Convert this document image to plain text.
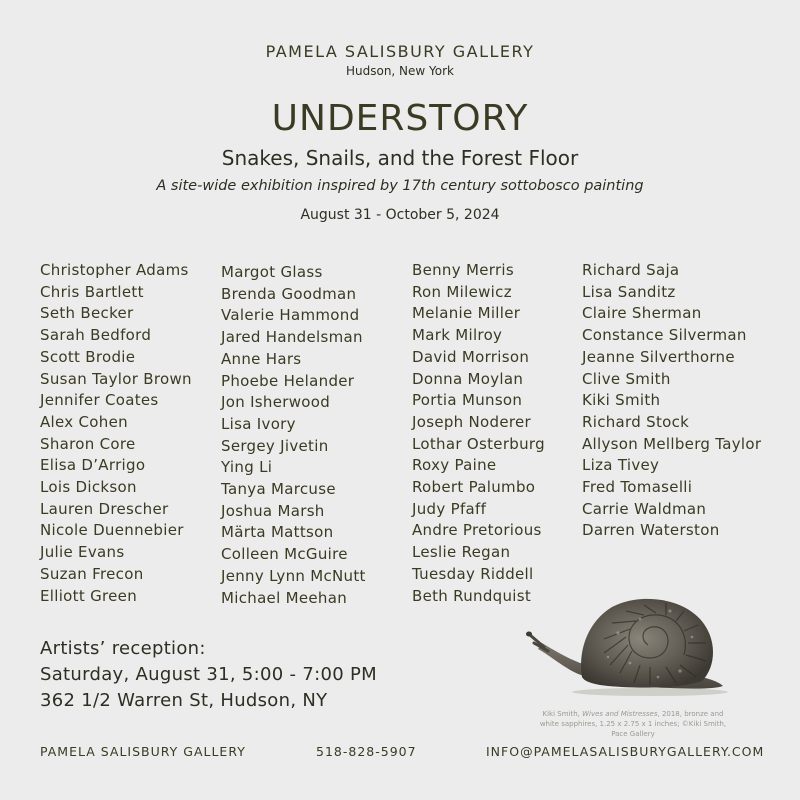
PAMELA SALISBURY GALLERY
Hudson, New York
UNDERSTORY
Snakes, Snails, and the Forest Floor
A site-wide exhibition inspired by 17th century sottobosco painting
August 31 - October 5, 2024
Christopher Adams
Chris Bartlett
Seth Becker
Sarah Bedford
Scott Brodie
Susan Taylor Brown
Jennifer Coates
Alex Cohen
Sharon Core
Elisa D’Arrigo
Lois Dickson
Lauren Drescher
Nicole Duennebier
Julie Evans
Suzan Frecon
Elliott Green
Margot Glass
Brenda Goodman
Valerie Hammond
Jared Handelsman
Anne Hars
Phoebe Helander
Jon Isherwood
Lisa Ivory
Sergey Jivetin
Ying Li
Tanya Marcuse
Joshua Marsh
Märta Mattson
Colleen McGuire
Jenny Lynn McNutt
Michael Meehan
Benny Merris
Ron Milewicz
Melanie Miller
Mark Milroy
David Morrison
Donna Moylan
Portia Munson
Joseph Noderer
Lothar Osterburg
Roxy Paine
Robert Palumbo
Judy Pfaff
Andre Pretorious
Leslie Regan
Tuesday Riddell
Beth Rundquist
Richard Saja
Lisa Sanditz
Claire Sherman
Constance Silverman
Jeanne Silverthorne
Clive Smith
Kiki Smith
Richard Stock
Allyson Mellberg Taylor
Liza Tivey
Fred Tomaselli
Carrie Waldman
Darren Waterston
Artists’ reception:
Saturday, August 31, 5:00 - 7:00 PM
362 1/2 Warren St, Hudson, NY
Kiki Smith, Wives and Mistresses, 2018, bronze and white sapphires, 1.25 x 2.75 x 1 inches; ©Kiki Smith, Pace Gallery
PAMELA SALISBURY GALLERY	518-828-5907	INFO@PAMELASALISBURYGALLERY.COM
